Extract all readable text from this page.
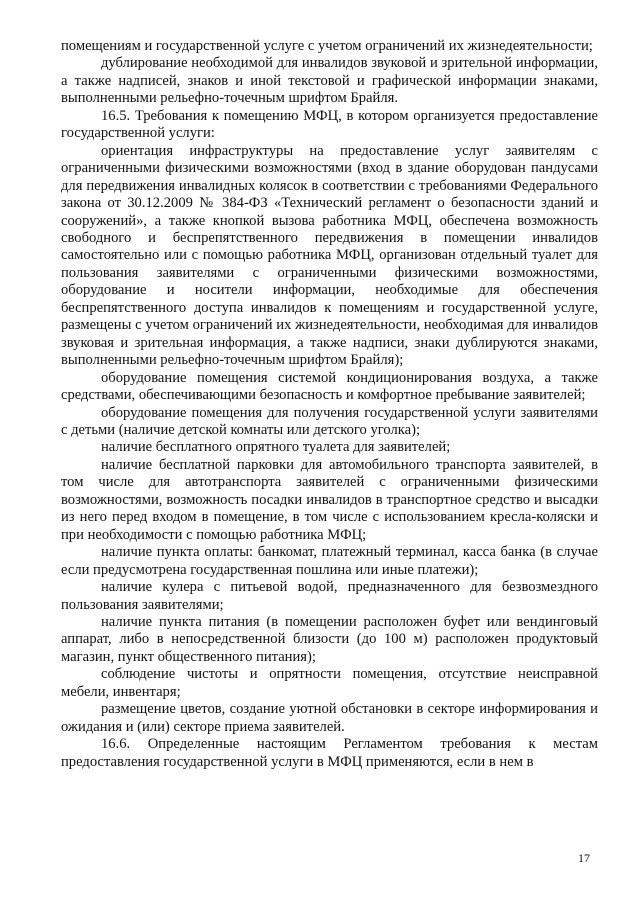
помещениям и государственной услуге с учетом ограничений их жизнедеятельности;

дублирование необходимой для инвалидов звуковой и зрительной информации, а также надписей, знаков и иной текстовой и графической информации знаками, выполненными рельефно-точечным шрифтом Брайля.

16.5. Требования к помещению МФЦ, в котором организуется предоставление государственной услуги:

ориентация инфраструктуры на предоставление услуг заявителям с ограниченными физическими возможностями (вход в здание оборудован пандусами для передвижения инвалидных колясок в соответствии с требованиями Федерального закона от 30.12.2009 № 384-ФЗ «Технический регламент о безопасности зданий и сооружений», а также кнопкой вызова работника МФЦ, обеспечена возможность свободного и беспрепятственного передвижения в помещении инвалидов самостоятельно или с помощью работника МФЦ, организован отдельный туалет для пользования заявителями с ограниченными физическими возможностями, оборудование и носители информации, необходимые для обеспечения беспрепятственного доступа инвалидов к помещениям и государственной услуге, размещены с учетом ограничений их жизнедеятельности, необходимая для инвалидов звуковая и зрительная информация, а также надписи, знаки дублируются знаками, выполненными рельефно-точечным шрифтом Брайля);

оборудование помещения системой кондиционирования воздуха, а также средствами, обеспечивающими безопасность и комфортное пребывание заявителей;

оборудование помещения для получения государственной услуги заявителями с детьми (наличие детской комнаты или детского уголка);

наличие бесплатного опрятного туалета для заявителей;

наличие бесплатной парковки для автомобильного транспорта заявителей, в том числе для автотранспорта заявителей с ограниченными физическими возможностями, возможность посадки инвалидов в транспортное средство и высадки из него перед входом в помещение, в том числе с использованием кресла-коляски и при необходимости с помощью работника МФЦ;

наличие пункта оплаты: банкомат, платежный терминал, касса банка (в случае если предусмотрена государственная пошлина или иные платежи);

наличие кулера с питьевой водой, предназначенного для безвозмездного пользования заявителями;

наличие пункта питания (в помещении расположен буфет или вендинговый аппарат, либо в непосредственной близости (до 100 м) расположен продуктовый магазин, пункт общественного питания);

соблюдение чистоты и опрятности помещения, отсутствие неисправной мебели, инвентаря;

размещение цветов, создание уютной обстановки в секторе информирования и ожидания и (или) секторе приема заявителей.

16.6. Определенные настоящим Регламентом требования к местам предоставления государственной услуги в МФЦ применяются, если в нем в

17
